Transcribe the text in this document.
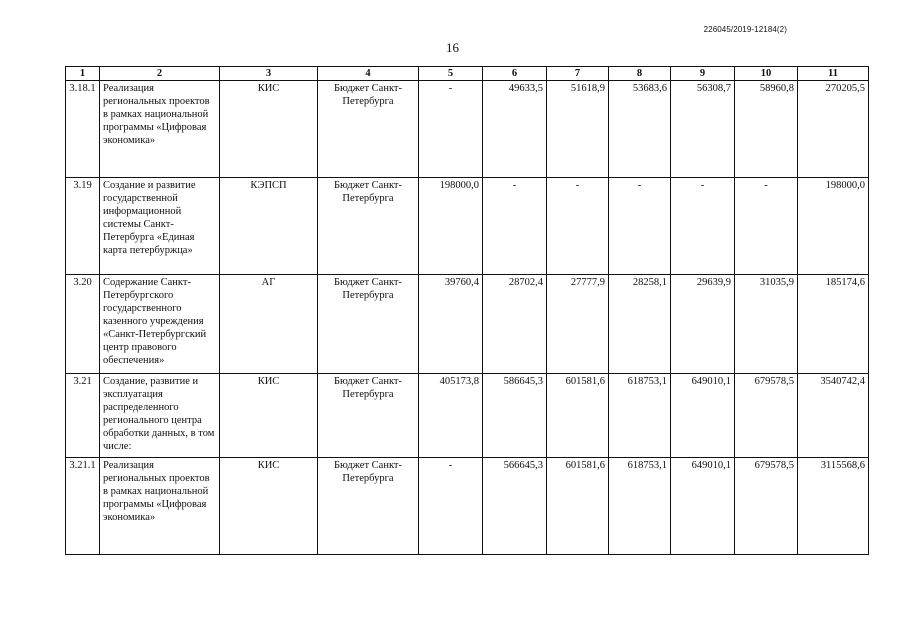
226045/2019-12184(2)
16
1	2	3	4	5	6	7	8	9	10	11
3.18.1	Реализация региональных проектов в рамках национальной программы «Цифровая экономика»	КИС	Бюджет Санкт-Петербурга	-	49633,5	51618,9	53683,6	56308,7	58960,8	270205,5
3.19	Создание и развитие государственной информационной системы Санкт-Петербурга «Единая карта петербуржца»	КЭПСП	Бюджет Санкт-Петербурга	198000,0	-	-	-	-	-	198000,0
3.20	Содержание Санкт-Петербургского государственного казенного учреждения «Санкт-Петербургский центр правового обеспечения»	АГ	Бюджет Санкт-Петербурга	39760,4	28702,4	27777,9	28258,1	29639,9	31035,9	185174,6
3.21	Создание, развитие и эксплуатация распределенного регионального центра обработки данных, в том числе:	КИС	Бюджет Санкт-Петербурга	405173,8	586645,3	601581,6	618753,1	649010,1	679578,5	3540742,4
3.21.1	Реализация региональных проектов в рамках национальной программы «Цифровая экономика»	КИС	Бюджет Санкт-Петербурга	-	566645,3	601581,6	618753,1	649010,1	679578,5	3115568,6
